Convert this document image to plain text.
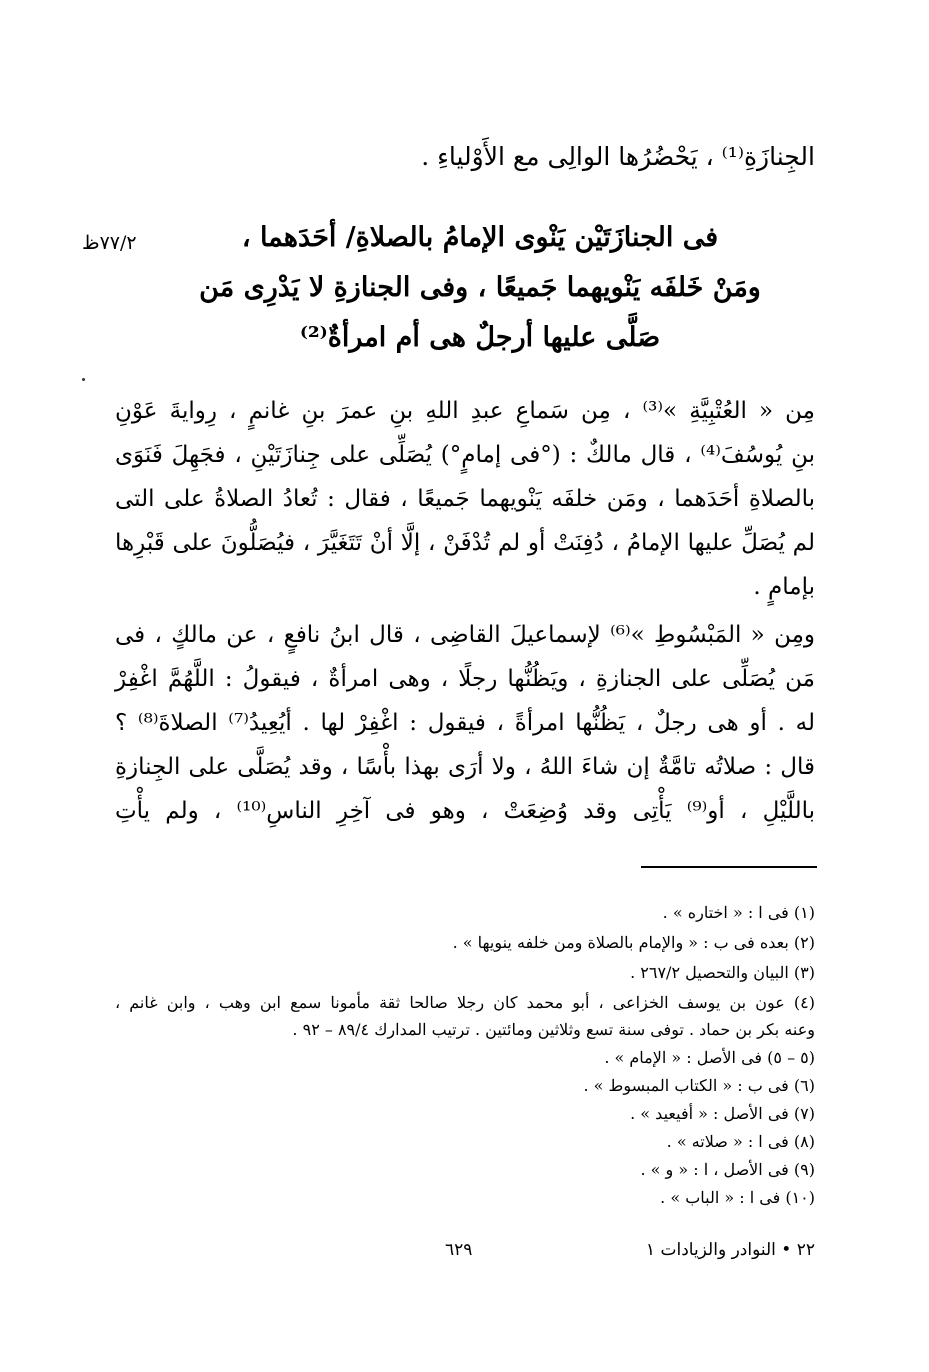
الجِنازَةِ⁽¹⁾ ، يَحْضُرُها الوالِى مع الأَوْلياءِ .
٧٧/٢ظ	فى الجنازَتَيْن يَنْوى الإمامُ بالصلاةِ/ أحَدَهما ،
ومَنْ خَلفَه يَنْويهما جَميعًا ، وفى الجنازةِ لا يَدْرِى مَن
صَلَّى عليها أرجلٌ هى أم امرأةٌ⁽²⁾
مِن « العُتْبِيَّةِ »⁽³⁾ ، مِن سَماعِ عبدِ اللهِ بنِ عمرَ بنِ غانمٍ ، رِوايةَ عَوْنِ
بنِ يُوسُفَ⁽⁴⁾ ، قال مالكٌ : (°فى إمامٍ°) يُصَلِّى على جِنازَتَيْنِ ، فجَهِلَ فَنَوَى
بالصلاةِ أحَدَهما ، ومَن خلفَه يَنْويهما جَميعًا ، فقال : تُعادُ الصلاةُ على التى
لم يُصَلِّ عليها الإمامُ ، دُفِنَتْ أو لم تُدْفَنْ ، إلَّا أنْ تَتَغَيَّرَ ، فيُصَلُّونَ على قَبْرِها
بإمامٍ .
ومِن « المَبْسُوطِ »⁽⁶⁾ لإسماعيلَ القاضِى ، قال ابنُ نافعٍ ، عن مالكٍ ، فى
مَن يُصَلِّى على الجنازةِ ، ويَظُنُّها رجلًا ، وهى امرأةٌ ، فيقولُ : اللَّهُمَّ اغْفِرْ
له . أو هى رجلٌ ، يَظُنُّها امرأةً ، فيقول : اغْفِرْ لها . أيُعِيدُ⁽⁷⁾ الصلاةَ⁽⁸⁾ ؟
قال : صلاتُه تامَّةٌ إن شاءَ اللهُ ، ولا أرَى بهذا بأْسًا ، وقد يُصَلَّى على الجِنازةِ
باللَّيْلِ ، أو⁽⁹⁾ يَأْتِى وقد وُضِعَتْ ، وهو فى آخِرِ الناسِ⁽¹⁰⁾ ، ولم يأْتِ
(١) فى ا : « اختاره » .
(٢) بعده فى ب : « والإمام بالصلاة ومن خلفه ينويها » .
(٣) البيان والتحصيل ٢٦٧/٢ .
(٤) عون بن يوسف الخزاعى ، أبو محمد كان رجلا صالحا ثقة مأمونا سمع ابن وهب ، وابن غانم ،
وعنه بكر بن حماد . توفى سنة تسع وثلاثين ومائتين . ترتيب المدارك ٨٩/٤ – ٩٢ .
(٥ – ٥) فى الأصل : « الإمام » .
(٦) فى ب : « الكتاب المبسوط » .
(٧) فى الأصل : « أفيعيد » .
(٨) فى ا : « صلاته » .
(٩) فى الأصل ، ا : « و » .
(١٠) فى ا : « الباب » .
٢٢ • النوادر والزيادات ١
٦٢٩
